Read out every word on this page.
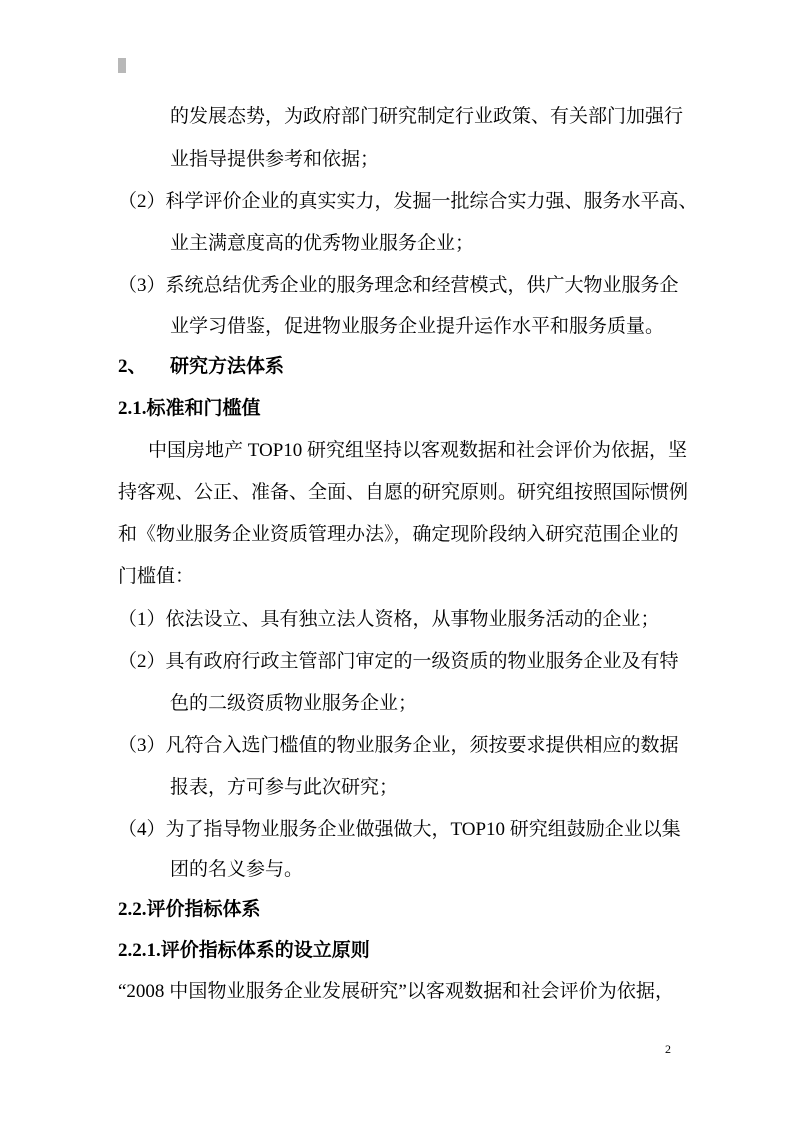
的发展态势，为政府部门研究制定行业政策、有关部门加强行
业指导提供参考和依据；
（2）科学评价企业的真实实力，发掘一批综合实力强、服务水平高、
业主满意度高的优秀物业服务企业；
（3）系统总结优秀企业的服务理念和经营模式，供广大物业服务企
业学习借鉴，促进物业服务企业提升运作水平和服务质量。
2、 研究方法体系
2.1.标准和门槛值
中国房地产 TOP10 研究组坚持以客观数据和社会评价为依据，坚
持客观、公正、准备、全面、自愿的研究原则。研究组按照国际惯例
和《物业服务企业资质管理办法》，确定现阶段纳入研究范围企业的
门槛值：
（1）依法设立、具有独立法人资格，从事物业服务活动的企业；
（2）具有政府行政主管部门审定的一级资质的物业服务企业及有特
色的二级资质物业服务企业；
（3）凡符合入选门槛值的物业服务企业，须按要求提供相应的数据
报表，方可参与此次研究；
（4）为了指导物业服务企业做强做大，TOP10 研究组鼓励企业以集
团的名义参与。
2.2.评价指标体系
2.2.1.评价指标体系的设立原则
“2008 中国物业服务企业发展研究”以客观数据和社会评价为依据，
2
